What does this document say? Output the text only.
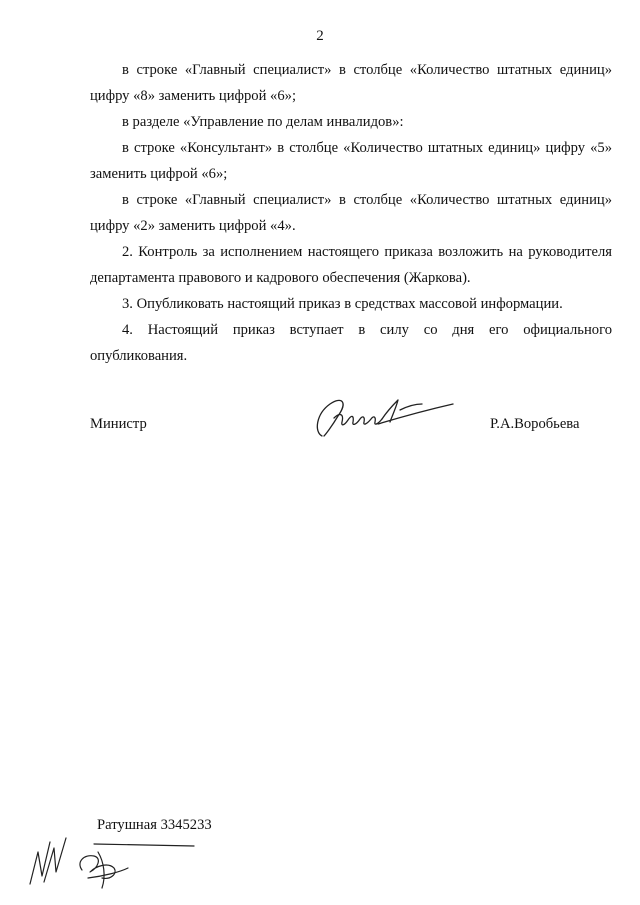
2

в строке «Главный специалист» в столбце «Количество штатных единиц» цифру «8» заменить цифрой «6»;

в разделе «Управление по делам инвалидов»:

в строке «Консультант» в столбце «Количество штатных единиц» цифру «5» заменить цифрой «6»;

в строке «Главный специалист» в столбце «Количество штатных единиц» цифру «2» заменить цифрой «4».

2. Контроль за исполнением настоящего приказа возложить на руководителя департамента правового и кадрового обеспечения (Жаркова).

3. Опубликовать настоящий приказ в средствах массовой информации.

4. Настоящий приказ вступает в силу со дня его официального опубликования.

Министр	Р.А.Воробьева
Ратушная 3345233
